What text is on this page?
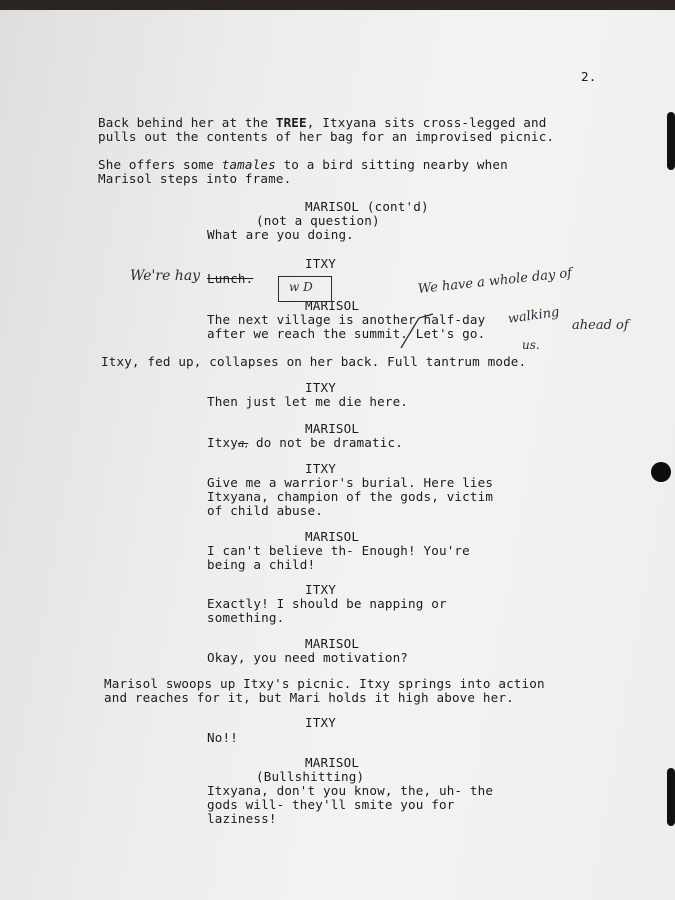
2.
Back behind her at the TREE, Itxyana sits cross-legged and
pulls out the contents of her bag for an improvised picnic.
She offers some tamales to a bird sitting nearby when
Marisol steps into frame.
MARISOL (cont'd)
(not a question)
What are you doing.
ITXY
Lunch.
MARISOL
The next village is another half-day
after we reach the summit. Let's go.
Itxy, fed up, collapses on her back. Full tantrum mode.
ITXY
Then just let me die here.
MARISOL
Itxya, do not be dramatic.
ITXY
Give me a warrior's burial. Here lies
Itxyana, champion of the gods, victim
of child abuse.
MARISOL
I can't believe th- Enough! You're
being a child!
ITXY
Exactly! I should be napping or
something.
MARISOL
Okay, you need motivation?
Marisol swoops up Itxy's picnic. Itxy springs into action
and reaches for it, but Mari holds it high above her.
ITXY
No!!
MARISOL
(Bullshitting)
Itxyana, don't you know, the, uh- the
gods will- they'll smite you for
laziness!
We're hay
w D	We have a whole day of
walking ahead of
us.
